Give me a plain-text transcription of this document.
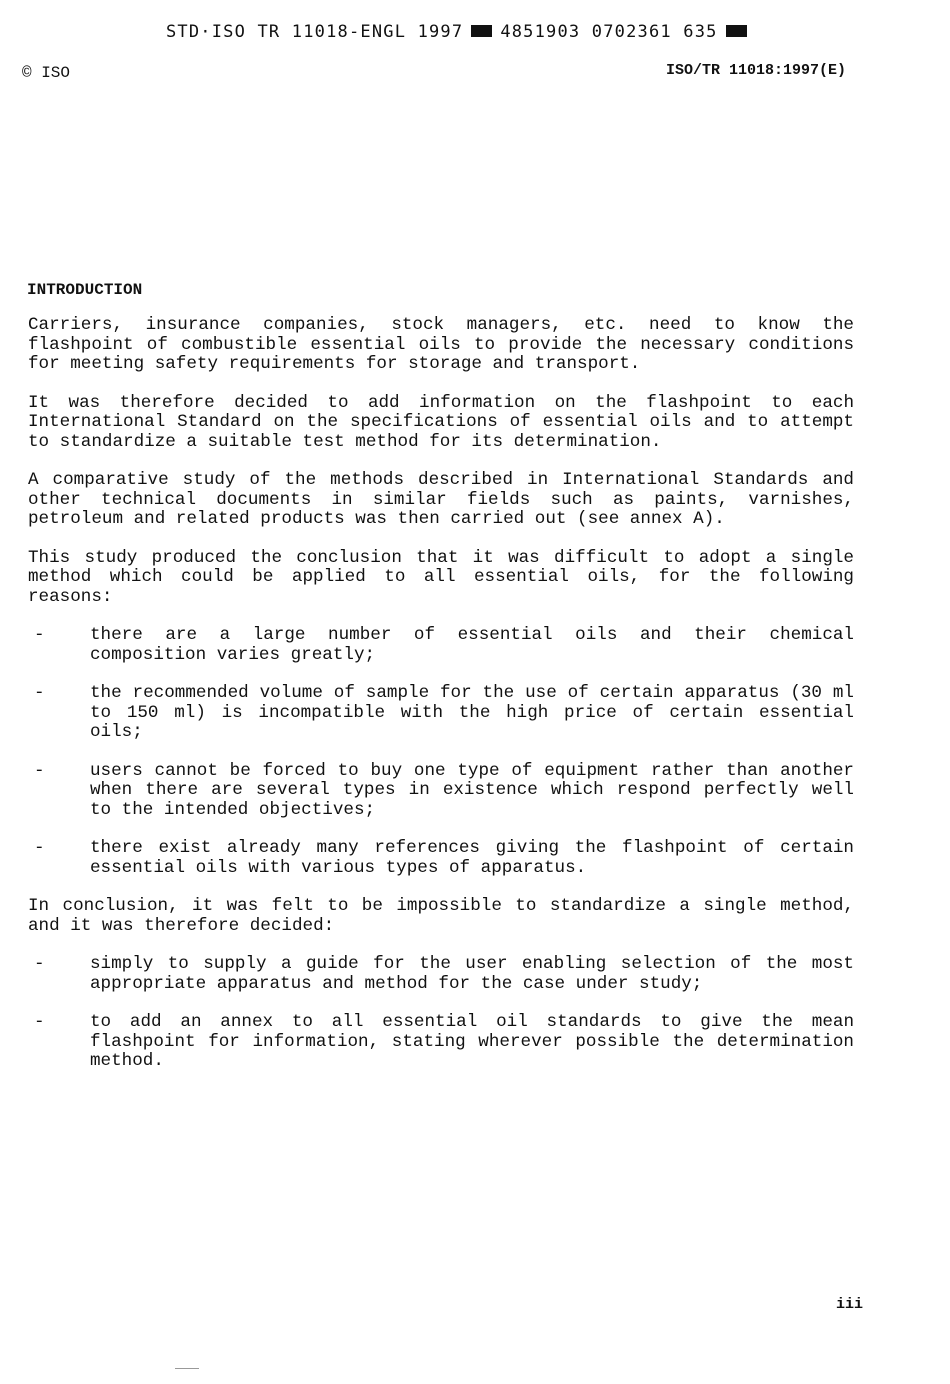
STD·ISO TR 11018-ENGL 1997 4851903 0702361 635
© ISO	ISO/TR 11018:1997(E)
INTRODUCTION

Carriers, insurance companies, stock managers, etc. need to know the flashpoint of combustible essential oils to provide the necessary conditions for meeting safety requirements for storage and transport.

It was therefore decided to add information on the flashpoint to each International Standard on the specifications of essential oils and to attempt to standardize a suitable test method for its determination.

A comparative study of the methods described in International Standards and other technical documents in similar fields such as paints, varnishes, petroleum and related products was then carried out (see annex A).

This study produced the conclusion that it was difficult to adopt a single method which could be applied to all essential oils, for the following reasons:

-	there are a large number of essential oils and their chemical composition varies greatly;
-	the recommended volume of sample for the use of certain apparatus (30 ml to 150 ml) is incompatible with the high price of certain essential oils;
-	users cannot be forced to buy one type of equipment rather than another when there are several types in existence which respond perfectly well to the intended objectives;
-	there exist already many references giving the flashpoint of certain essential oils with various types of apparatus.

In conclusion, it was felt to be impossible to standardize a single method, and it was therefore decided:

-	simply to supply a guide for the user enabling selection of the most appropriate apparatus and method for the case under study;
-	to add an annex to all essential oil standards to give the mean flashpoint for information, stating wherever possible the determination method.
iii
